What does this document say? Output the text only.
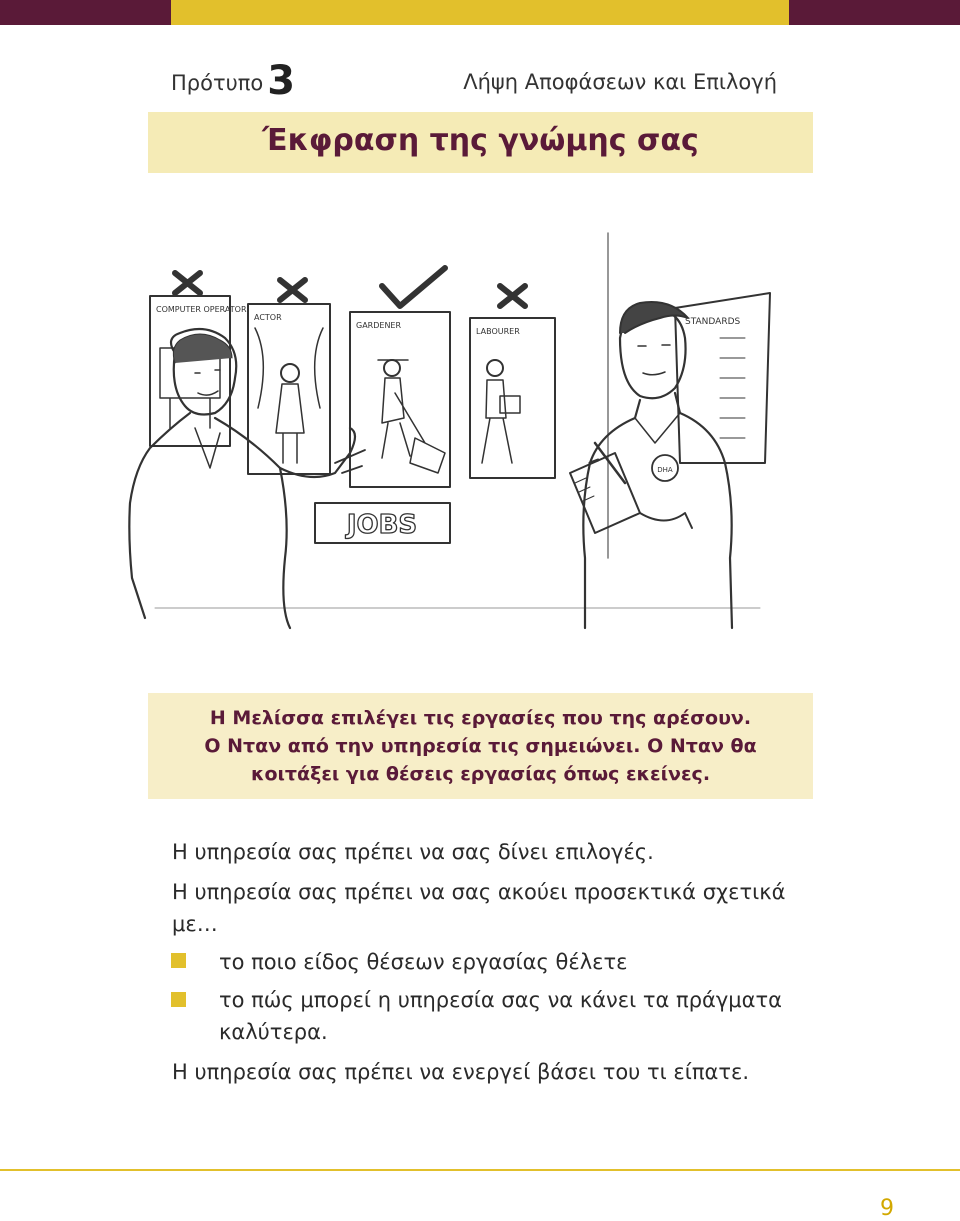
Πρότυπο 3	Λήψη Αποφάσεων και Επιλογή
Έκφραση της γνώμης σας
COMPUTER OPERATOR
ACTOR
GARDENER
LABOURER
JOBS
STANDARDS
DHA
Η Μελίσσα επιλέγει τις εργασίες που της αρέσουν.
Ο Νταν από την υπηρεσία τις σημειώνει. Ο Νταν θα
κοιτάξει για θέσεις εργασίας όπως εκείνες.
Η υπηρεσία σας πρέπει να σας δίνει επιλογές.
Η υπηρεσία σας πρέπει να σας ακούει προσεκτικά σχετικά
με…
το ποιο είδος θέσεων εργασίας θέλετε
το πώς μπορεί η υπηρεσία σας να κάνει τα πράγματα
καλύτερα.
Η υπηρεσία σας πρέπει να ενεργεί βάσει του τι είπατε.
9
